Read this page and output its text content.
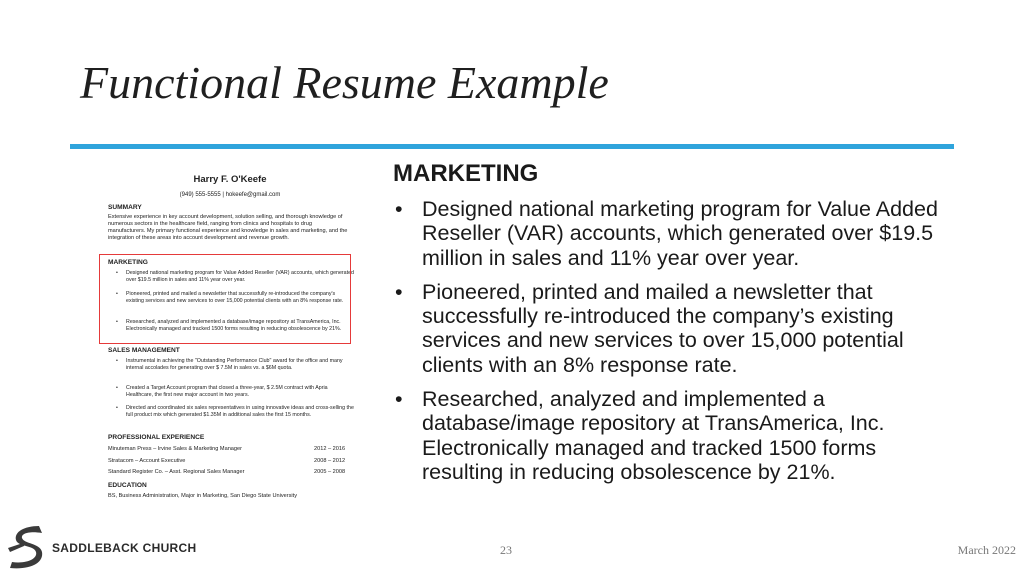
Functional Resume Example
Harry F. O'Keefe
(949) 555-5555 | hokeefe@gmail.com
SUMMARY
Extensive experience in key account development, solution selling, and thorough knowledge of numerous sectors in the healthcare field, ranging from clinics and hospitals to drug manufacturers. My primary functional experience and knowledge in sales and marketing, and the integration of these areas into account development and revenue growth.
MARKETING
• Designed national marketing program for Value Added Reseller (VAR) accounts, which generated over $19.5 million in sales and 11% year over year.
• Pioneered, printed and mailed a newsletter that successfully re-introduced the company's existing services and new services to over 15,000 potential clients with an 8% response rate.
• Researched, analyzed and implemented a database/image repository at TransAmerica, Inc. Electronically managed and tracked 1500 forms resulting in reducing obsolescence by 21%.
SALES MANAGEMENT
• Instrumental in achieving the "Outstanding Performance Club" award for the office and many internal accolades for generating over $ 7.5M in sales vs. a $6M quota.
• Created a Target Account program that closed a three-year, $ 2.5M contract with Apria Healthcare, the first new major account in two years.
• Directed and coordinated six sales representatives in using innovative ideas and cross-selling the full product mix which generated $1.35M in additional sales the first 15 months.
PROFESSIONAL EXPERIENCE
Minuteman Press – Irvine Sales & Marketing Manager	2012 – 2016
Stratacom – Account Executive	2008 – 2012
Standard Register Co. – Asst. Regional Sales Manager	2005 – 2008
EDUCATION
BS, Business Administration, Major in Marketing, San Diego State University
MARKETING
• Designed national marketing program for Value Added Reseller (VAR) accounts, which generated over $19.5 million in sales and 11% year over year.
• Pioneered, printed and mailed a newsletter that successfully re-introduced the company’s existing services and new services to over 15,000 potential clients with an 8% response rate.
• Researched, analyzed and implemented a database/image repository at TransAmerica, Inc. Electronically managed and tracked 1500 forms resulting in reducing obsolescence by 21%.
SADDLEBACK CHURCH	23	March 2022
